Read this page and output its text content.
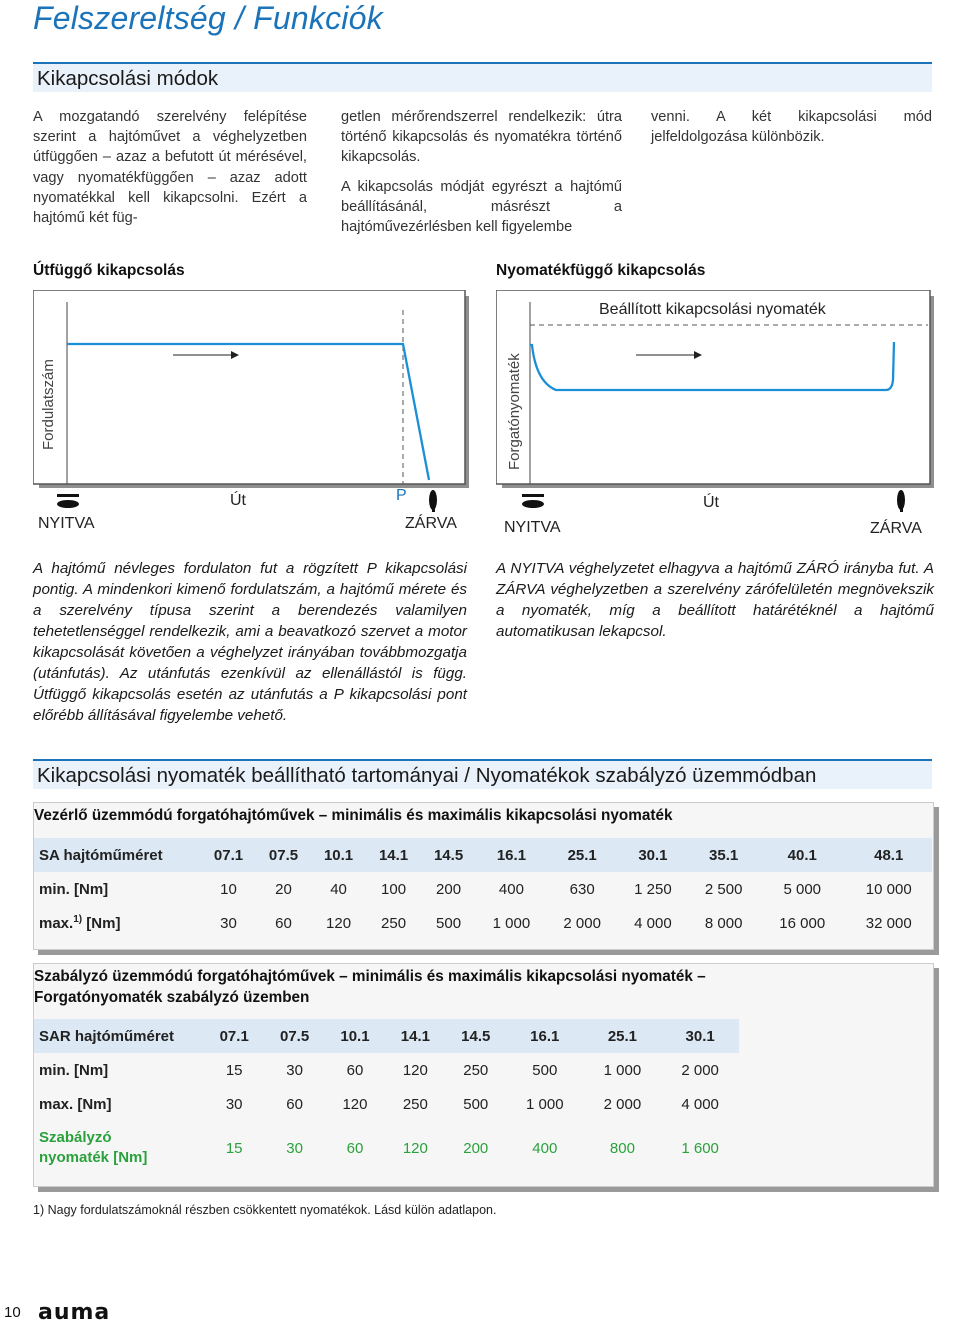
Felszereltség / Funkciók
Kikapcsolási módok
A mozgatandó szerelvény felépítése szerint a hajtóművet a véghelyzetben útfüggően – azaz a befutott út mérésével, vagy nyomatékfüggően – azaz adott nyomatékkal kell kikapcsolni. Ezért a hajtómű két füg-
getlen mérőrendszerrel rendelkezik: útra történő kikapcsolás és nyomatékra történő kikapcsolás.
A kikapcsolás módját egyrészt a hajtómű beállításánál, másrészt a hajtóművezérlésben kell figyelembe
venni. A két kikapcsolási mód jelfeldolgozása különbözik.
Útfüggő kikapcsolás	Nyomatékfüggő kikapcsolás
Fordulatszám
Út	P
NYITVA	ZÁRVA
Forgatónyomaték
Beállított kikapcsolási nyomaték
Út
NYITVA	ZÁRVA
A hajtómű névleges fordulaton fut a rögzített P kikapcsolási pontig. A mindenkori kimenő fordulatszám, a hajtómű mérete és a szerelvény típusa szerint a berendezés valamilyen tehetetlenséggel rendelkezik, ami a beavatkozó szervet a motor kikapcsolását követően a véghelyzet irányában továbbmozgatja (utánfutás). Az utánfutás ezenkívül az ellenállástól is függ. Útfüggő kikapcsolás esetén az utánfutás a P kikapcsolási pont előrébb állításával figyelembe vehető.
A NYITVA véghelyzetet elhagyva a hajtómű ZÁRÓ irányba fut. A ZÁRVA véghelyzetben a szerelvény zárófelületén megnövekszik a nyomaték, míg a beállított határétéknél a hajtómű automatikusan lekapcsol.
Kikapcsolási nyomaték beállítható tartományai / Nyomatékok szabályzó üzemmódban
Vezérlő üzemmódú forgatóhajtóművek – minimális és maximális kikapcsolási nyomaték
SA hajtóműméret	07.1	07.5	10.1	14.1	14.5	16.1	25.1	30.1	35.1	40.1	48.1
min. [Nm]	10	20	40	100	200	400	630	1 250	2 500	5 000	10 000
max.$^{1)}$ [Nm]	30	60	120	250	500	1 000	2 000	4 000	8 000	16 000	32 000
Szabályzó üzemmódú forgatóhajtóművek – minimális és maximális kikapcsolási nyomaték –
Forgatónyomaték szabályzó üzemben
SAR hajtóműméret	07.1	07.5	10.1	14.1	14.5	16.1	25.1	30.1
min. [Nm]	15	30	60	120	250	500	1 000	2 000
max. [Nm]	30	60	120	250	500	1 000	2 000	4 000
Szabályzó
nyomaték [Nm]	15	30	60	120	200	400	800	1 600
1) Nagy fordulatszámoknál részben csökkentett nyomatékok. Lásd külön adatlapon.
10 auma
